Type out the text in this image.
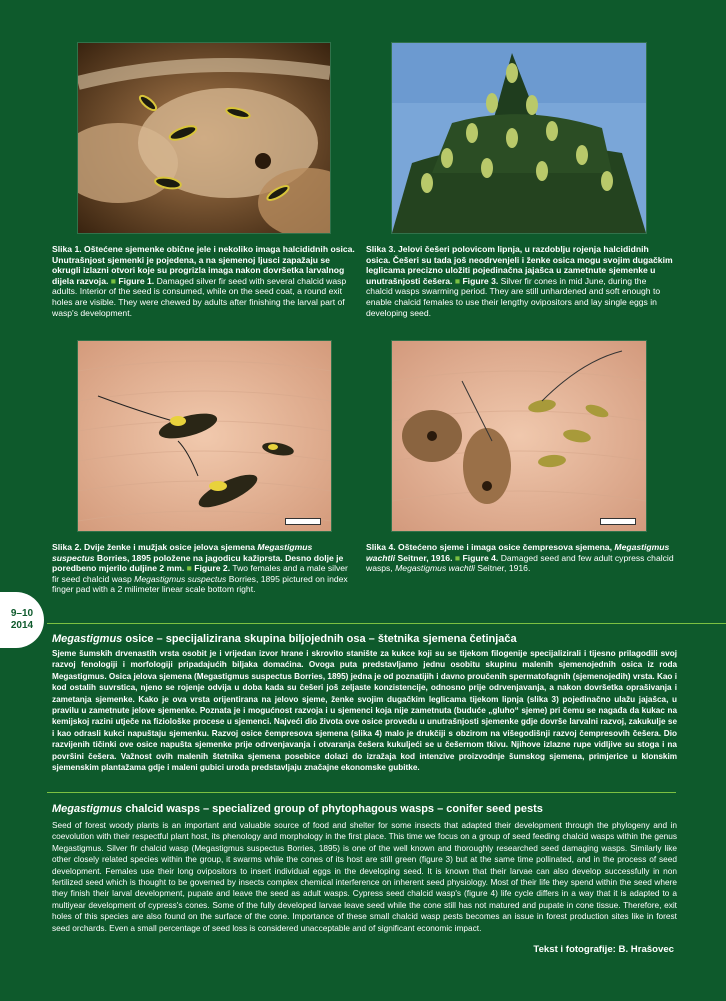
Slika 1. Oštećene sjemenke obične jele i nekoliko imaga halcididnih osica. Unutrašnjost sjemenki je pojedena, a na sjemenoj ljusci zapažaju se okrugli izlazni otvori koje su progrizla imaga nakon dovršetka larvalnog dijela razvoja. ■ Figure 1. Damaged silver fir seed with several chalcid wasp adults. Interior of the seed is consumed, while on the seed coat, a round exit holes are visible. They were chewed by adults after finishing the larval part of wasp's development.
Slika 3. Jelovi češeri polovicom lipnja, u razdoblju rojenja halcididnih osica. Češeri su tada još neodrvenjeli i ženke osica mogu svojim dugačkim leglicama precizno uložiti pojedinačna jajašca u zametnute sjemenke u unutrašnjosti češera. ■ Figure 3. Silver fir cones in mid June, during the chalcid wasps swarming period. They are still unhardened and soft enough to enable chalcid females to use their lengthy ovipositors and lay single eggs in developing seed.
Slika 2. Dvije ženke i mužjak osice jelova sjemena Megastigmus suspectus Borries, 1895 položene na jagodicu kažiprsta. Desno dolje je poredbeno mjerilo duljine 2 mm. ■ Figure 2. Two females and a male silver fir seed chalcid wasp Megastigmus suspectus Borries, 1895 pictured on index finger pad with a 2 milimeter linear scale bottom right.
Slika 4. Oštećeno sjeme i imaga osice čempresova sjemena, Megastigmus wachtli Seitner, 1916. ■ Figure 4. Damaged seed and few adult cypress chalcid wasps, Megastigmus wachtli Seitner, 1916.
9–10
2014
Megastigmus osice – specijalizirana skupina biljojednih osa – štetnika sjemena četinjača
Sjeme šumskih drvenastih vrsta osobit je i vrijedan izvor hrane i skrovito stanište za kukce koji su se tijekom filogenije specijalizirali i tijesno prilagodili svoj razvoj fenologiji i morfologiji pripadajućih biljaka domaćina. Ovoga puta predstavljamo jednu osobitu skupinu malenih sjemenojednih osica iz roda Megastigmus. Osica jelova sjemena (Megastigmus suspectus Borries, 1895) jedna je od poznatijih i davno proučenih spermatofagnih (sjemenojedih) vrsta. Kao i kod ostalih suvrstica, njeno se rojenje odvija u doba kada su češeri još zeljaste konzistencije, odnosno prije odrvenjavanja, a nakon dovršetka oprašivanja i zametanja sjemenke. Kako je ova vrsta orijentirana na jelovo sjeme, ženke svojim dugačkim leglicama tijekom lipnja (slika 3) pojedinačno ulažu jajašca, u pravilu u zametnute jelove sjemenke. Poznata je i mogućnost razvoja i u sjemenci koja nije zametnuta (buduće „gluho“ sjeme) pri čemu se nagađa da kukac na kemijskoj razini utječe na fiziološke procese u sjemenci. Najveći dio života ove osice provedu u unutrašnjosti sjemenke gdje dovrše larvalni razvoj, zakukulje se i kao odrasli kukci napuštaju sjemenku. Razvoj osice čempresova sjemena (slika 4) malo je drukčiji s obzirom na višegodišnji razvoj čempresovih češera. Dio razvijenih tičinki ove osice napušta sjemenke prije odrvenjavanja i otvaranja češera kukuljeći se u češernom tkivu. Njihove izlazne rupe vidljive su stoga i na površini češera. Važnost ovih malenih štetnika sjemena posebice dolazi do izražaja kod intenzive proizvodnje šumskog sjemena, primjerice u klonskim sjemenskim plantažama gdje i maleni gubici uroda predstavljaju značajne ekonomske gubitke.
Megastigmus chalcid wasps – specialized group of phytophagous wasps – conifer seed pests
Seed of forest woody plants is an important and valuable source of food and shelter for some insects that adapted their development through the phylogeny and in coevolution with their respectful plant host, its phenology and morphology in the first place. This time we focus on a group of seed feeding chalcid wasps within the genus Megastigmus. Silver fir chalcid wasp (Megastigmus suspectus Borries, 1895) is one of the well known and thoroughly researched seed damaging wasps. Similarly like other closely related species within the group, it swarms while the cones of its host are still green (figure 3) but at the same time pollinated, and in the process of seed development. Females use their long ovipositors to insert individual eggs in the developing seed. It is known that their larvae can also develop successfully in non fertilized seed which is thought to be governed by insects complex chemical interference on inherent seed physiology. Most of their life they spend within the seed where they finish their larval development, pupate and leave the seed as adult wasps. Cypress seed chalcid wasp's (figure 4) life cycle differs in a way that it is adapted to a multiyear development of cypress's cones. Some of the fully developed larvae leave seed while the cone still has not matured and pupate in cone tissue. Therefore, exit holes of this species are also found on the surface of the cone. Importance of these small chalcid wasp pests becomes an issue in forest production sites like in forest seed orchards. Even a small percentage of seed loss is considered unacceptable and of significant economic impact.
Tekst i fotografije: B. Hrašovec
